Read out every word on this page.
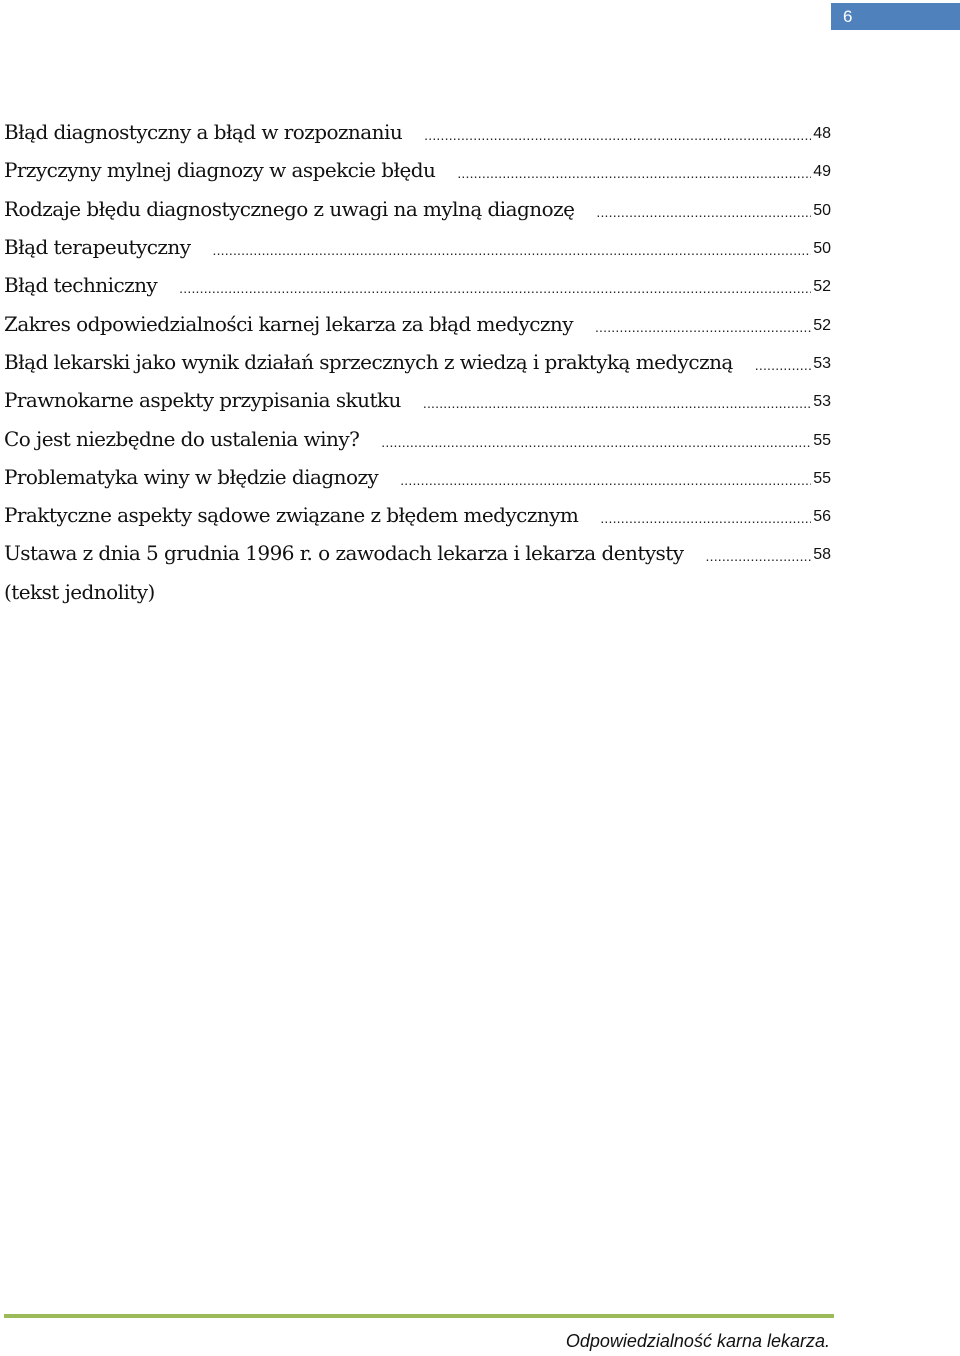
6
Błąd diagnostyczny a błąd w rozpoznaniu .....	48
Przyczyny mylnej diagnozy w aspekcie błędu .....	49
Rodzaje błędu diagnostycznego z uwagi na mylną diagnozę .....	50
Błąd terapeutyczny .....	50
Błąd techniczny .....	52
Zakres odpowiedzialności karnej lekarza za błąd medyczny .....	52
Błąd lekarski jako wynik działań sprzecznych z wiedzą i praktyką medyczną .....	53
Prawnokarne aspekty przypisania skutku .....	53
Co jest niezbędne do ustalenia winy? .....	55
Problematyka winy w błędzie diagnozy .....	55
Praktyczne aspekty sądowe związane z błędem medycznym .....	56
Ustawa z dnia 5 grudnia 1996 r. o zawodach lekarza i lekarza dentysty .....	58
(tekst jednolity)
Odpowiedzialność karna lekarza.
